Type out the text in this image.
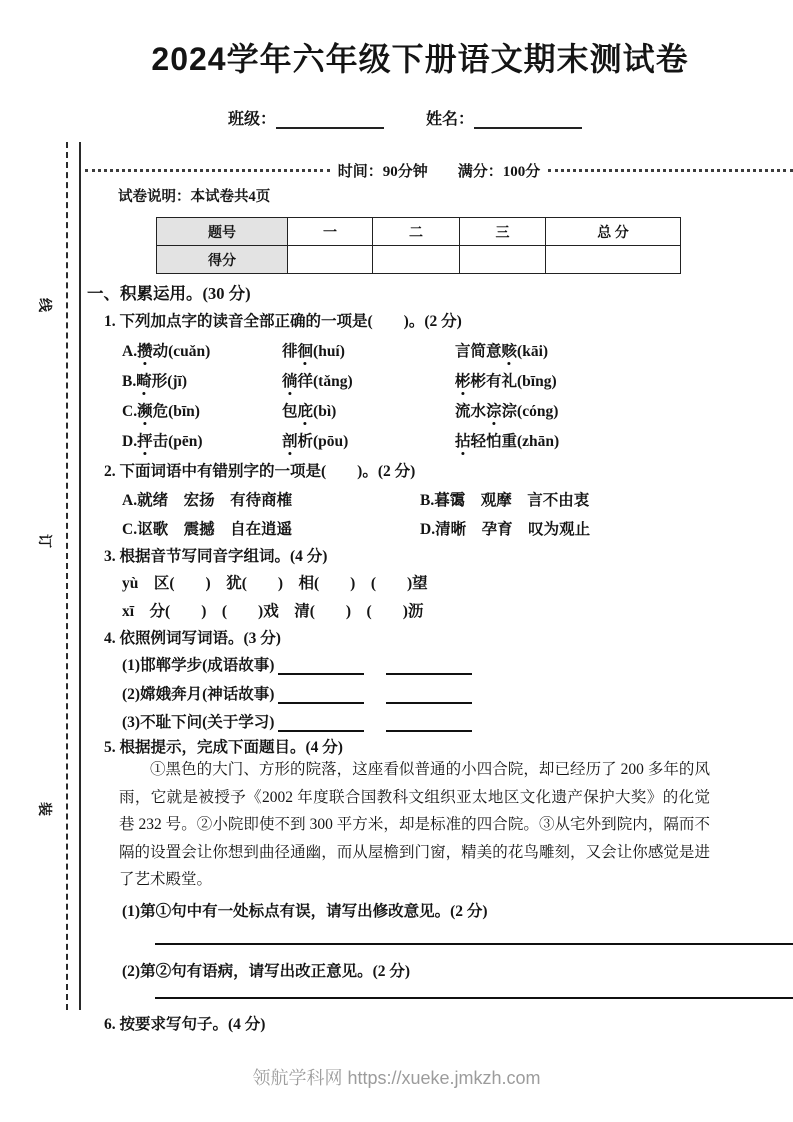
线
订
装
2024学年六年级下册语文期末测试卷
班级：	姓名：
时间：90分钟 满分：100分
试卷说明：本试卷共4页
题号	一	二	三	总 分
得分				
一、积累运用。(30 分)
1. 下列加点字的读音全部正确的一项是(　　)。(2 分)
A.攒动(cuǎn)	徘徊(huí)	言简意赅(kāi)
B.畸形(jī)	徜徉(tǎng)	彬彬有礼(bīng)
C.濒危(bīn)	包庇(bì)	流水淙淙(cóng)
D.抨击(pēn)	剖析(pōu)	拈轻怕重(zhān)
2. 下面词语中有错别字的一项是(　　)。(2 分)
A.就绪　宏扬　有待商榷	B.暮霭　观摩　言不由衷
C.讴歌　震撼　自在逍遥	D.清晰　孕育　叹为观止
3. 根据音节写同音字组词。(4 分)
yù　区(　　)　犹(　　)　相(　　)　(　　)望
xī　分(　　)　(　　)戏　清(　　)　(　　)沥
4. 依照例词写词语。(3 分)
(1)邯郸学步(成语故事)
(2)嫦娥奔月(神话故事)
(3)不耻下问(关于学习)
5. 根据提示，完成下面题目。(4 分)
①黑色的大门、方形的院落，这座看似普通的小四合院，却已经历了 200 多年的风雨，它就是被授予《2002 年度联合国教科文组织亚太地区文化遗产保护大奖》的化觉巷 232 号。②小院即使不到 300 平方米，却是标准的四合院。③从宅外到院内，隔而不隔的设置会让你想到曲径通幽，而从屋檐到门窗，精美的花鸟雕刻，又会让你感觉是进了艺术殿堂。
(1)第①句中有一处标点有误，请写出修改意见。(2 分)
(2)第②句有语病，请写出改正意见。(2 分)
6. 按要求写句子。(4 分)
领航学科网 https://xueke.jmkzh.com
